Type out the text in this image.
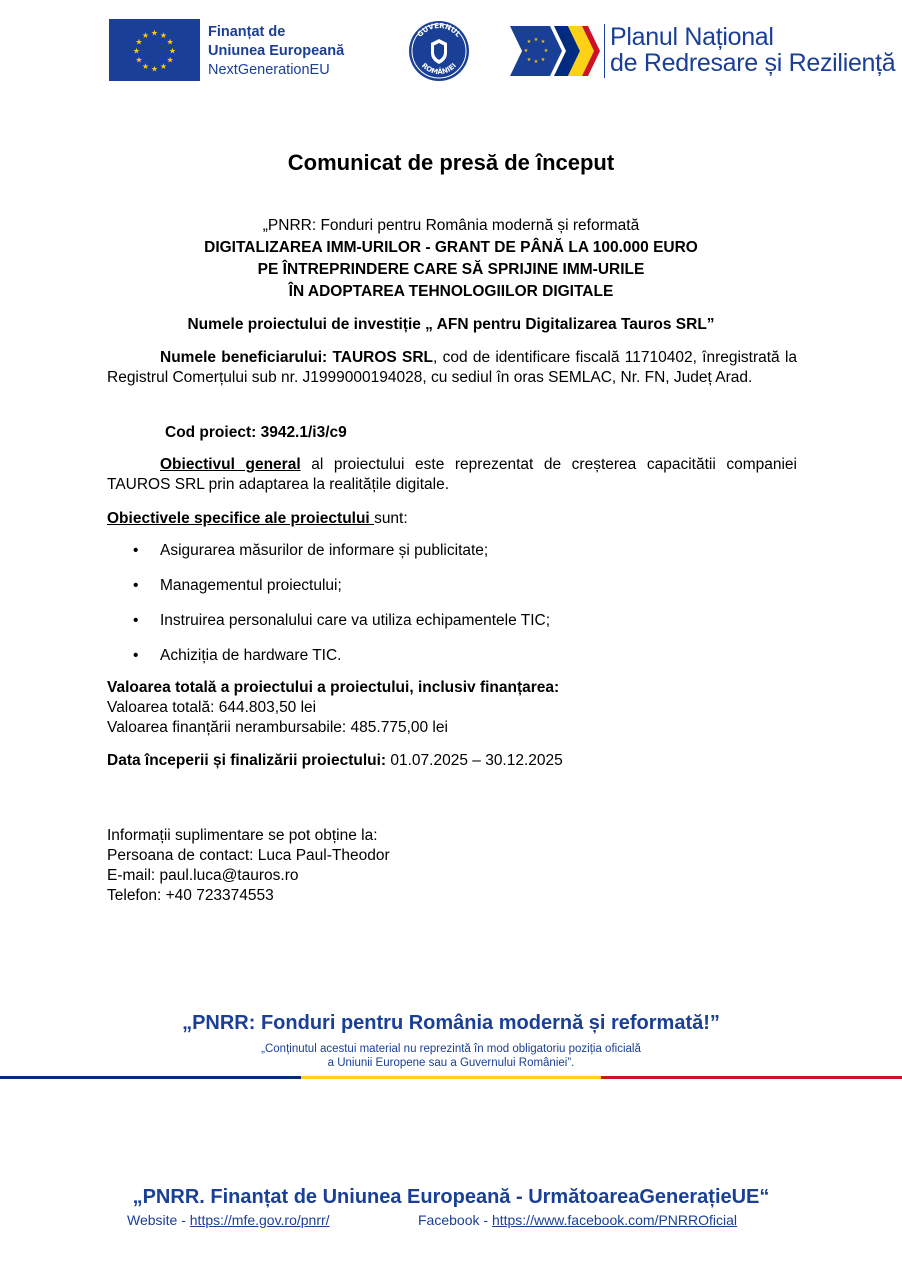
★ ★
★
★
★
★
★
★
★
★
★
★	Finanțat de
Uniunea Europeană
NextGenerationEU
GUVERNUL
ROMÂNIEI
★ ★
★
★
★
★
★
★	Planul Național
de Redresare și Reziliență
Comunicat de presă de început
„PNRR: Fonduri pentru România modernă și reformată
DIGITALIZAREA IMM-URILOR - GRANT DE PÂNĂ LA 100.000 EURO
PE ÎNTREPRINDERE CARE SĂ SPRIJINE IMM-URILE
ÎN ADOPTAREA TEHNOLOGIILOR DIGITALE
Numele proiectului de investiție „ AFN pentru Digitalizarea Tauros SRL”
Numele beneficiarului: TAUROS SRL, cod de identificare fiscală 11710402, înregistrată la Registrul Comerțului sub nr. J1999000194028, cu sediul în oras SEMLAC, Nr. FN, Județ Arad.
Cod proiect: 3942.1/i3/c9
Obiectivul general al proiectului este reprezentat de creșterea capacitătii companiei TAUROS SRL prin adaptarea la realitățile digitale.
Obiectivele specifice ale proiectului sunt:
• Asigurarea măsurilor de informare și publicitate;
• Managementul proiectului;
• Instruirea personalului care va utiliza echipamentele TIC;
• Achiziția de hardware TIC.
Valoarea totală a proiectului a proiectului, inclusiv finanțarea:
Valoarea totală: 644.803,50 lei
Valoarea finanțării nerambursabile: 485.775,00 lei
Data începerii și finalizării proiectului: 01.07.2025 – 30.12.2025
Informații suplimentare se pot obține la:
Persoana de contact: Luca Paul-Theodor
E-mail: paul.luca@tauros.ro
Telefon: +40 723374553
„PNRR: Fonduri pentru România modernă și reformată!”
„Conținutul acestui material nu reprezintă în mod obligatoriu poziția oficială
a Uniunii Europene sau a Guvernului României”.
„PNRR. Finanțat de Uniunea Europeană - UrmătoareaGenerațieUE“
Website - https://mfe.gov.ro/pnrr/	Facebook - https://www.facebook.com/PNRROficial
